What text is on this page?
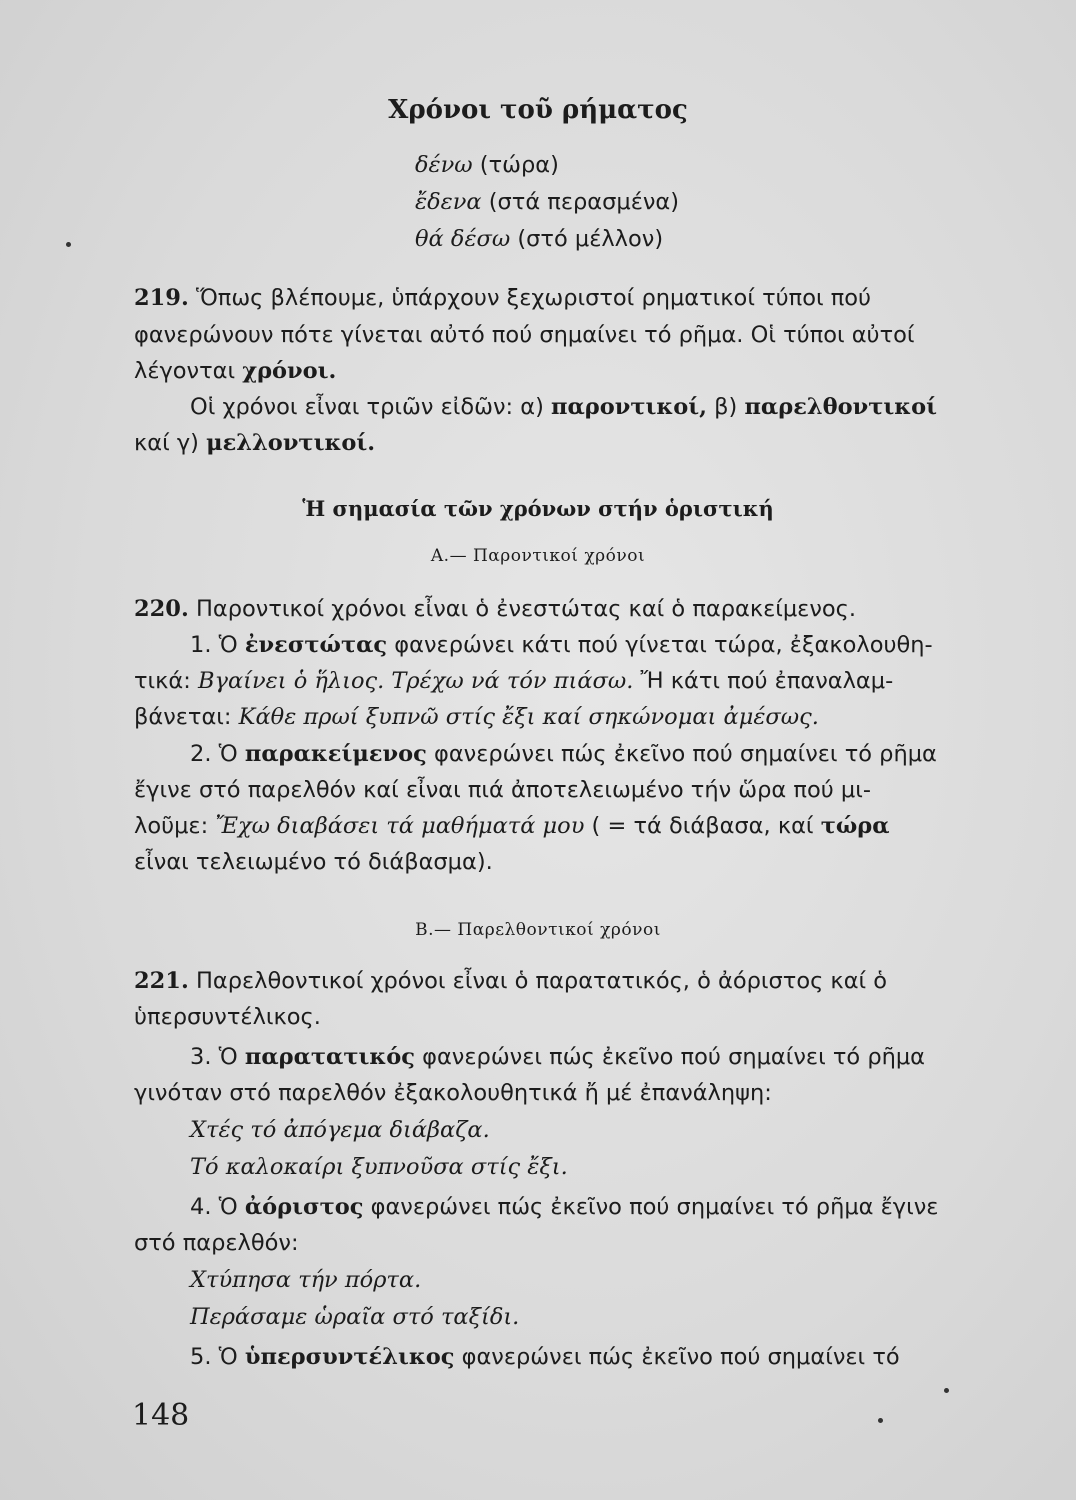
Χρόνοι τοῦ ρήματος
δένω (τώρα)
ἔδενα (στά περασμένα)
θά δέσω (στό μέλλον)
219. Ὅπως βλέπουμε, ὑπάρχουν ξεχωριστοί ρηματικοί τύποι πού
φανερώνουν πότε γίνεται αὐτό πού σημαίνει τό ρῆμα. Οἱ τύποι αὐτοί
λέγονται χρόνοι.
Οἱ χρόνοι εἶναι τριῶν εἰδῶν: α) παροντικοί, β) παρελθοντικοί
καί γ) μελλοντικοί.
Ἡ σημασία τῶν χρόνων στήν ὁριστική
Α.— Παροντικοί χρόνοι
220. Παροντικοί χρόνοι εἶναι ὁ ἐνεστώτας καί ὁ παρακείμενος.
1. Ὁ ἐνεστώτας φανερώνει κάτι πού γίνεται τώρα, ἐξακολουθη-
τικά: Βγαίνει ὁ ἥλιος. Τρέχω νά τόν πιάσω. Ἤ κάτι πού ἐπαναλαμ-
βάνεται: Κάθε πρωί ξυπνῶ στίς ἔξι καί σηκώνομαι ἀμέσως.
2. Ὁ παρακείμενος φανερώνει πώς ἐκεῖνο πού σημαίνει τό ρῆμα
ἔγινε στό παρελθόν καί εἶναι πιά ἀποτελειωμένο τήν ὥρα πού μι-
λοῦμε: Ἔχω διαβάσει τά μαθήματά μου ( = τά διάβασα, καί τώρα
εἶναι τελειωμένο τό διάβασμα).
Β.— Παρελθοντικοί χρόνοι
221. Παρελθοντικοί χρόνοι εἶναι ὁ παρατατικός, ὁ ἀόριστος καί ὁ
ὑπερσυντέλικος.
3. Ὁ παρατατικός φανερώνει πώς ἐκεῖνο πού σημαίνει τό ρῆμα
γινόταν στό παρελθόν ἐξακολουθητικά ἤ μέ ἐπανάληψη:
Χτές τό ἀπόγεμα διάβαζα.
Τό καλοκαίρι ξυπνοῦσα στίς ἔξι.
4. Ὁ ἀόριστος φανερώνει πώς ἐκεῖνο πού σημαίνει τό ρῆμα ἔγινε
στό παρελθόν:
Χτύπησα τήν πόρτα.
Περάσαμε ὡραῖα στό ταξίδι.
5. Ὁ ὑπερσυντέλικος φανερώνει πώς ἐκεῖνο πού σημαίνει τό
148
